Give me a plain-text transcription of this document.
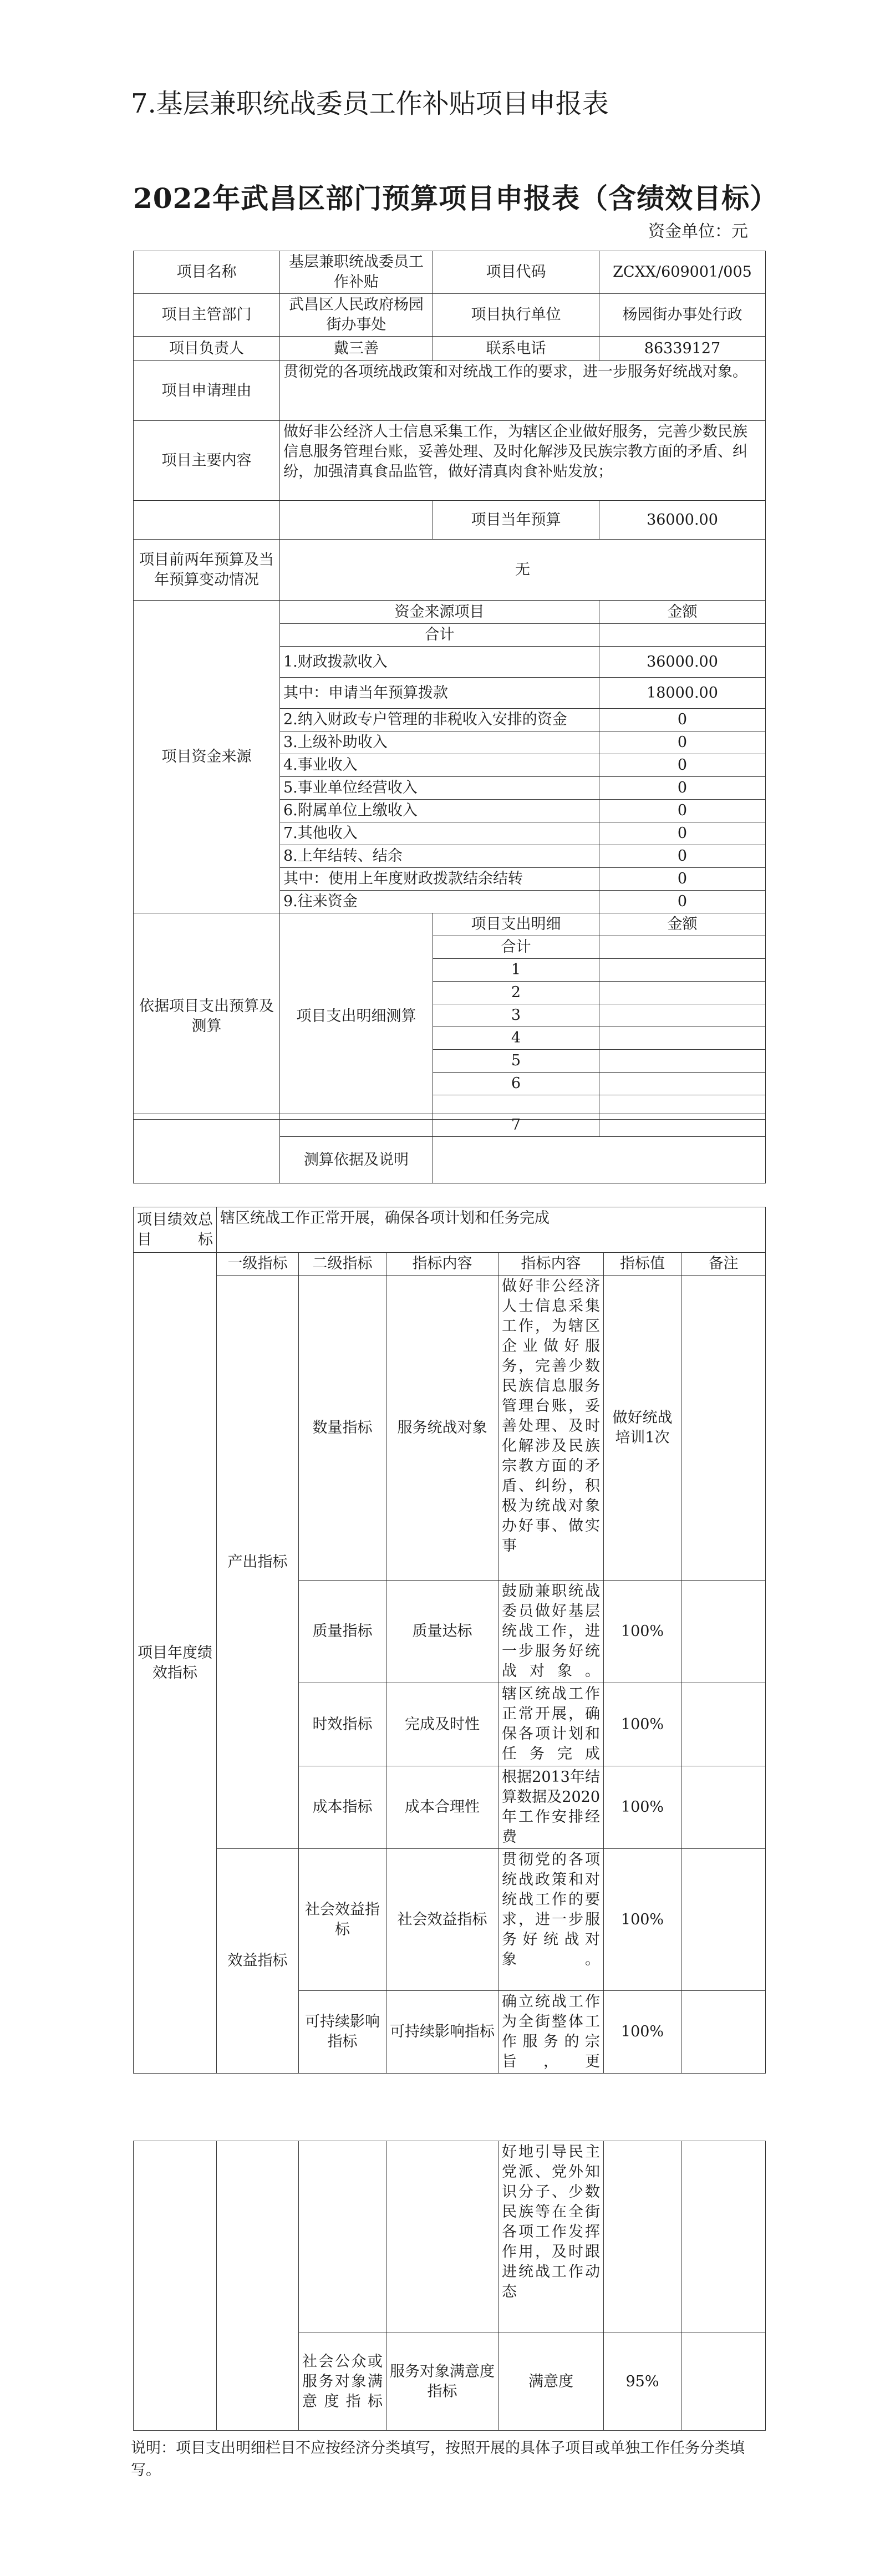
7.基层兼职统战委员工作补贴项目申报表
2022年武昌区部门预算项目申报表（含绩效目标）
资金单位：元
项目名称	基层兼职统战委员工作补贴	项目代码	ZCXX/609001/005
项目主管部门	武昌区人民政府杨园街办事处	项目执行单位	杨园街办事处行政
项目负责人	戴三善	联系电话	86339127
项目申请理由	贯彻党的各项统战政策和对统战工作的要求，进一步服务好统战对象。		
项目主要内容	做好非公经济人士信息采集工作，为辖区企业做好服务，完善少数民族信息服务管理台账，妥善处理、及时化解涉及民族宗教方面的矛盾、纠纷，加强清真食品监管，做好清真肉食补贴发放；		
		项目当年预算	36000.00
项目前两年预算及当年预算变动情况	无		
项目资金来源	资金来源项目		金额
	合计		
	1.财政拨款收入		36000.00
	其中：申请当年预算拨款		18000.00
	2.纳入财政专户管理的非税收入安排的资金		0
	3.上级补助收入		0
	4.事业收入		0
	5.事业单位经营收入		0
	6.附属单位上缴收入		0
	7.其他收入		0
	8.上年结转、结余		0
	其中：使用上年度财政拨款结余结转		0
	9.往来资金		0
依据项目支出预算及测算	项目支出明细测算	项目支出明细	金额
		合计	
		1	
		2	
		3	
		4	
		5	
		6	

		7	
	测算依据及说明		
项目绩效总目标	辖区统战工作正常开展，确保各项计划和任务完成					
项目年度绩效指标	一级指标	二级指标	指标内容	指标内容	指标值	备注
	产出指标	数量指标	服务统战对象	做好非公经济人士信息采集工作，为辖区企业做好服务，完善少数民族信息服务管理台账，妥善处理、及时化解涉及民族宗教方面的矛盾、纠纷，积极为统战对象办好事、做实事	做好统战培训1次	
		质量指标	质量达标	鼓励兼职统战委员做好基层统战工作，进一步服务好统战对象。	100%	
		时效指标	完成及时性	辖区统战工作正常开展，确保各项计划和任务完成	100%	
		成本指标	成本合理性	根据2013年结算数据及2020年工作安排经费	100%	
	效益指标	社会效益指标	社会效益指标	贯彻党的各项统战政策和对统战工作的要求，进一步服务好统战对象。	100%	
		可持续影响指标	可持续影响指标	确立统战工作为全街整体工作服务的宗旨，更	100%	
				好地引导民主党派、党外知识分子、少数民族等在全街各项工作发挥作用，及时跟进统战工作动态		
		社会公众或服务对象满意度指标	服务对象满意度指标	满意度	95%	
说明：项目支出明细栏目不应按经济分类填写，按照开展的具体子项目或单独工作任务分类填写。
